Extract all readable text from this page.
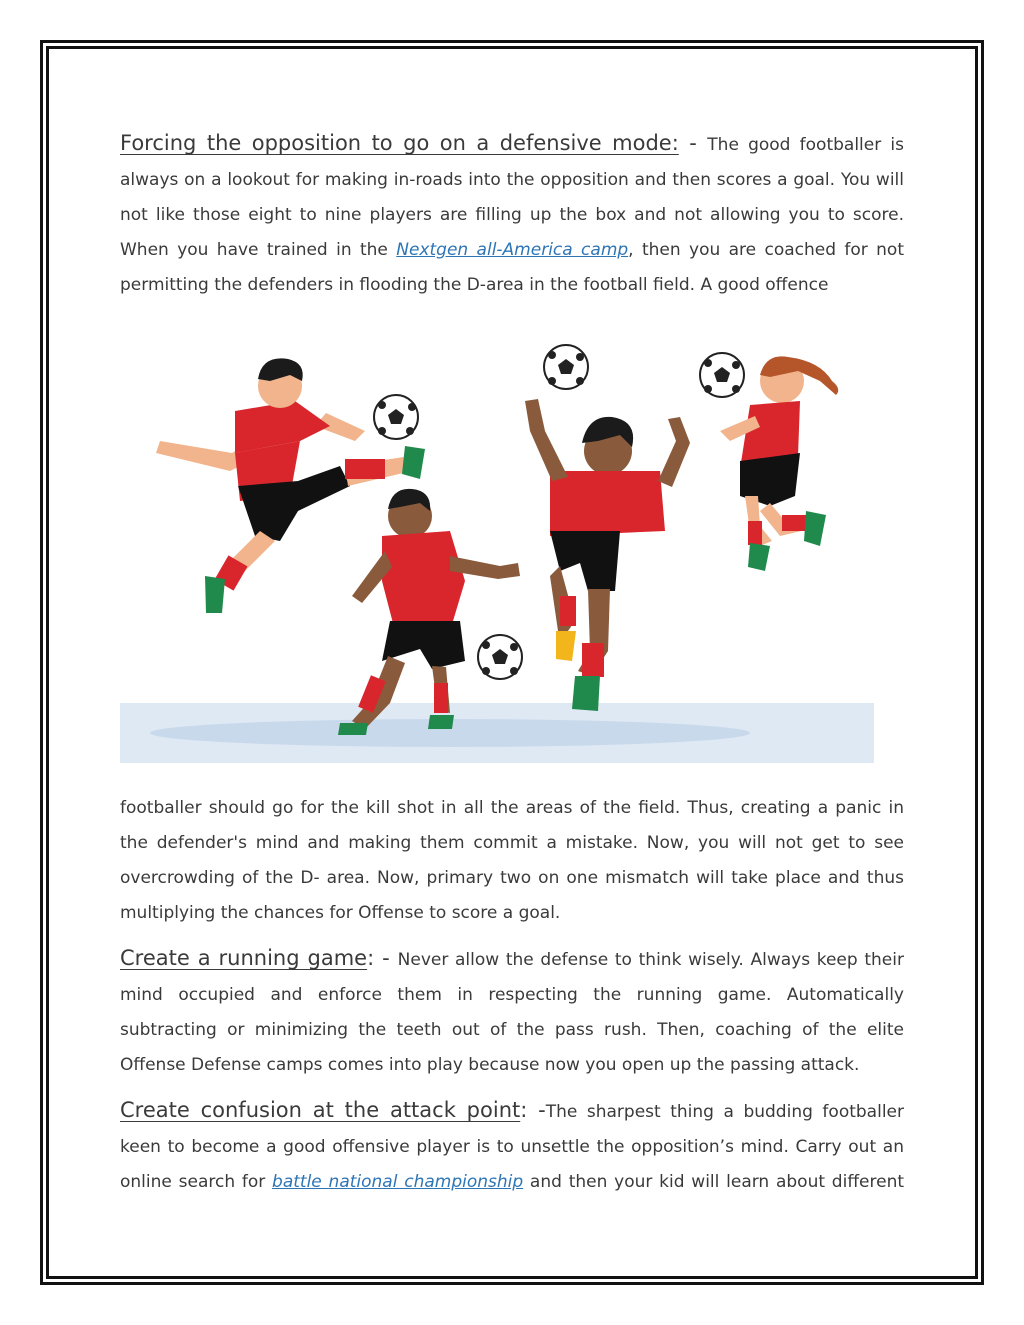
Forcing the opposition to go on a defensive mode: - The good footballer is always on a lookout for making in-roads into the opposition and then scores a goal. You will not like those eight to nine players are filling up the box and not allowing you to score. When you have trained in the Nextgen all-America camp, then you are coached for not permitting the defenders in flooding the D-area in the football field. A good offence

footballer should go for the kill shot in all the areas of the field. Thus, creating a panic in the defender's mind and making them commit a mistake. Now, you will not get to see overcrowding of the D- area. Now, primary two on one mismatch will take place and thus multiplying the chances for Offense to score a goal.

Create a running game: - Never allow the defense to think wisely. Always keep their mind occupied and enforce them in respecting the running game. Automatically subtracting or minimizing the teeth out of the pass rush. Then, coaching of the elite Offense Defense camps comes into play because now you open up the passing attack.

Create confusion at the attack point: -The sharpest thing a budding footballer keen to become a good offensive player is to unsettle the opposition’s mind. Carry out an online search for battle national championship and then your kid will learn about different
